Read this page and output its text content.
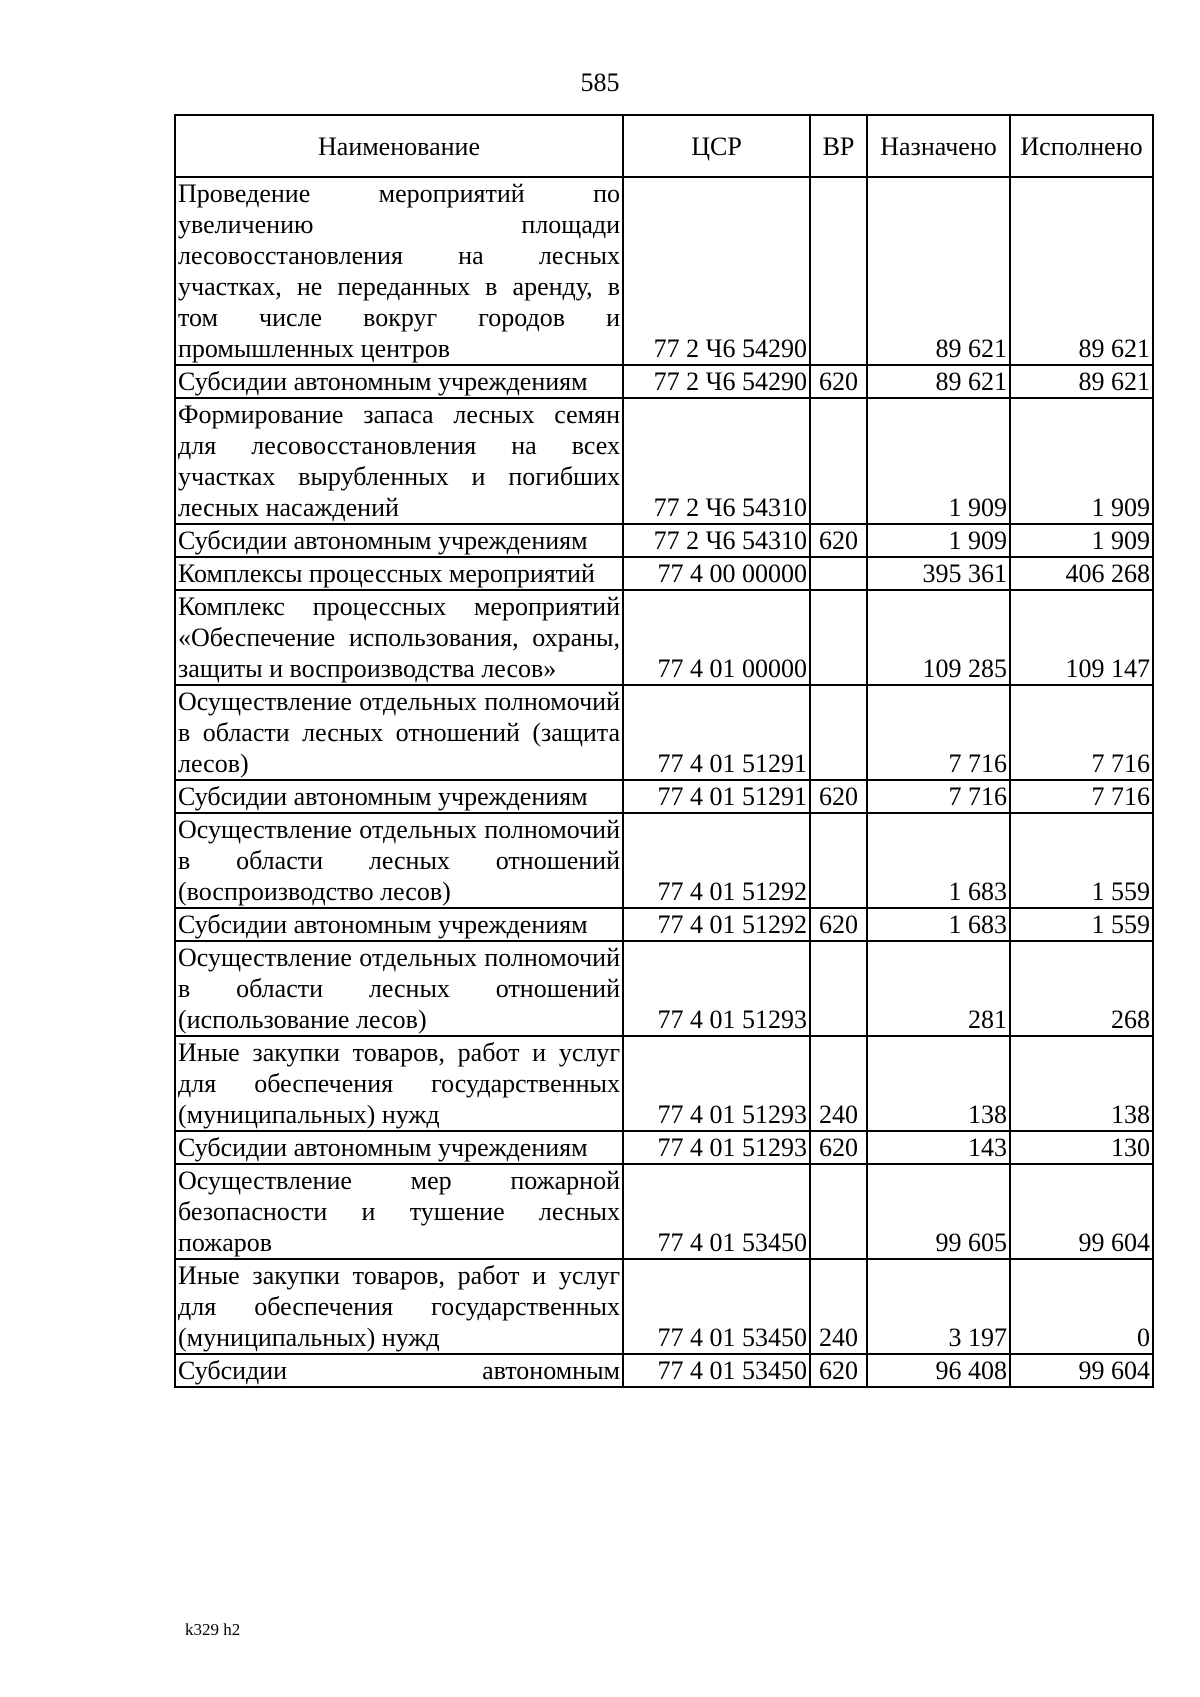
585
Наименование	ЦСР	ВР	Назначено	Исполнено
Проведение мероприятий по увеличению площади лесовосстановления на лесных участках, не переданных в аренду, в том числе вокруг городов и промышленных центров	77 2 Ч6 54290		89 621	89 621
Субсидии автономным учреждениям	77 2 Ч6 54290	620	89 621	89 621
Формирование запаса лесных семян для лесовосстановления на всех участках вырубленных и погибших лесных насаждений	77 2 Ч6 54310		1 909	1 909
Субсидии автономным учреждениям	77 2 Ч6 54310	620	1 909	1 909
Комплексы процессных мероприятий	77 4 00 00000		395 361	406 268
Комплекс процессных мероприятий «Обеспечение использования, охраны, защиты и воспроизводства лесов»	77 4 01 00000		109 285	109 147
Осуществление отдельных полномочий в области лесных отношений (защита лесов)	77 4 01 51291		7 716	7 716
Субсидии автономным учреждениям	77 4 01 51291	620	7 716	7 716
Осуществление отдельных полномочий в области лесных отношений (воспроизводство лесов)	77 4 01 51292		1 683	1 559
Субсидии автономным учреждениям	77 4 01 51292	620	1 683	1 559
Осуществление отдельных полномочий в области лесных отношений (использование лесов)	77 4 01 51293		281	268
Иные закупки товаров, работ и услуг для обеспечения государственных (муниципальных) нужд	77 4 01 51293	240	138	138
Субсидии автономным учреждениям	77 4 01 51293	620	143	130
Осуществление мер пожарной безопасности и тушение лесных пожаров	77 4 01 53450		99 605	99 604
Иные закупки товаров, работ и услуг для обеспечения государственных (муниципальных) нужд	77 4 01 53450	240	3 197	0
Субсидии автономным	77 4 01 53450	620	96 408	99 604
k329 h2
